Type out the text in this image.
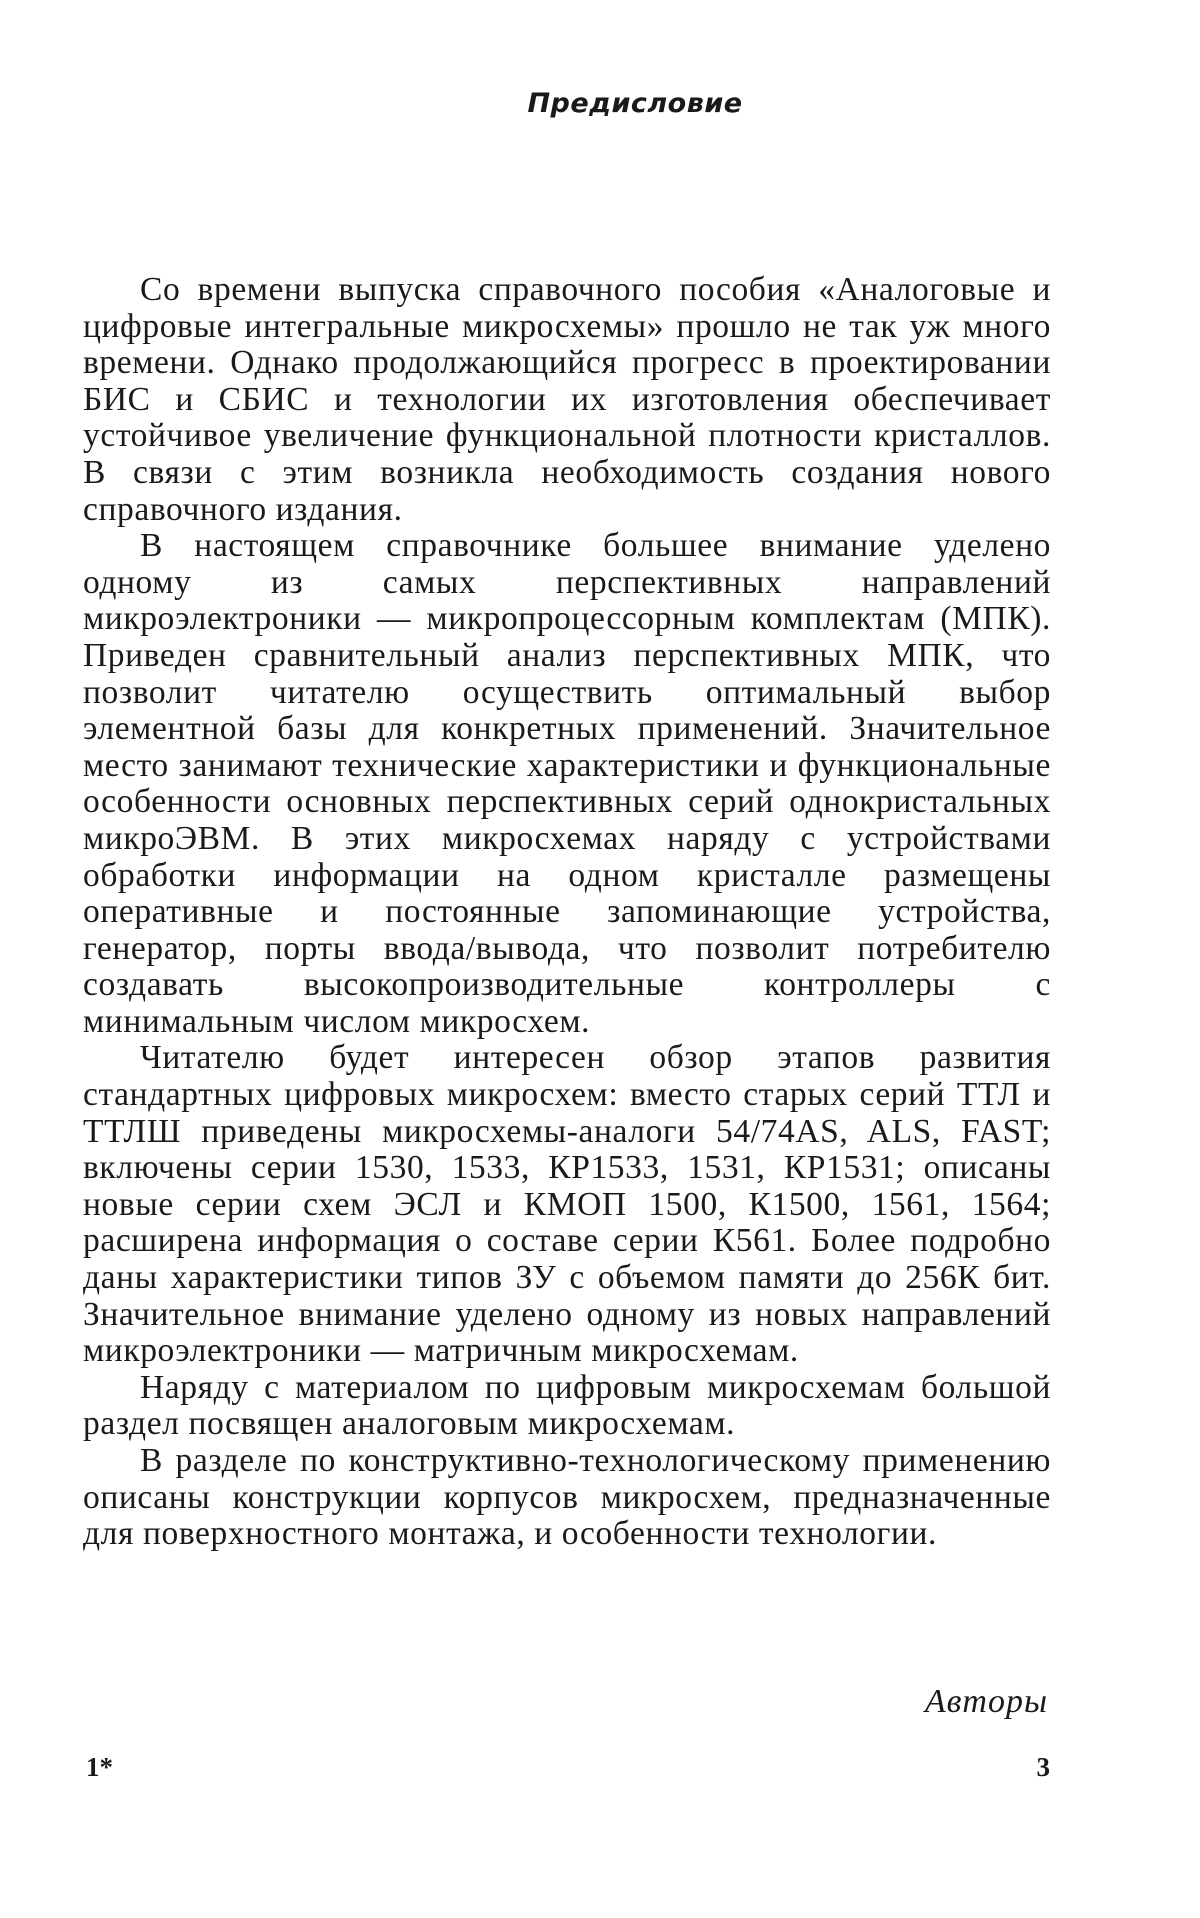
Предисловие

Со времени выпуска справочного пособия «Аналоговые и цифровые интегральные микросхемы» прошло не так уж много времени. Однако продолжающийся прогресс в проектировании БИС и СБИС и технологии их изготовления обеспечивает устойчивое увеличение функциональной плотности кристаллов. В связи с этим возникла необходимость создания нового справочного издания.

В настоящем справочнике большее внимание уделено одному из самых перспективных направлений микроэлектроники — микропроцессорным комплектам (МПК). Приведен сравнительный анализ перспективных МПК, что позволит читателю осуществить оптимальный выбор элементной базы для конкретных применений. Значительное место занимают технические характеристики и функциональные особенности основных перспективных серий однокристальных микроЭВМ. В этих микросхемах наряду с устройствами обработки информации на одном кристалле размещены оперативные и постоянные запоминающие устройства, генератор, порты ввода/вывода, что позволит потребителю создавать высокопроизводительные контроллеры с минимальным числом микросхем.

Читателю будет интересен обзор этапов развития стандартных цифровых микросхем: вместо старых серий ТТЛ и ТТЛШ приведены микросхемы-аналоги 54/74AS, ALS, FAST; включены серии 1530, 1533, КР1533, 1531, КР1531; описаны новые серии схем ЭСЛ и КМОП 1500, К1500, 1561, 1564; расширена информация о составе серии К561. Более подробно даны характеристики типов ЗУ с объемом памяти до 256К бит. Значительное внимание уделено одному из новых направлений микроэлектроники — матричным микросхемам.

Наряду с материалом по цифровым микросхемам большой раздел посвящен аналоговым микросхемам.

В разделе по конструктивно-технологическому применению описаны конструкции корпусов микросхем, предназначенные для поверхностного монтажа, и особенности технологии.

Авторы

1*	3
